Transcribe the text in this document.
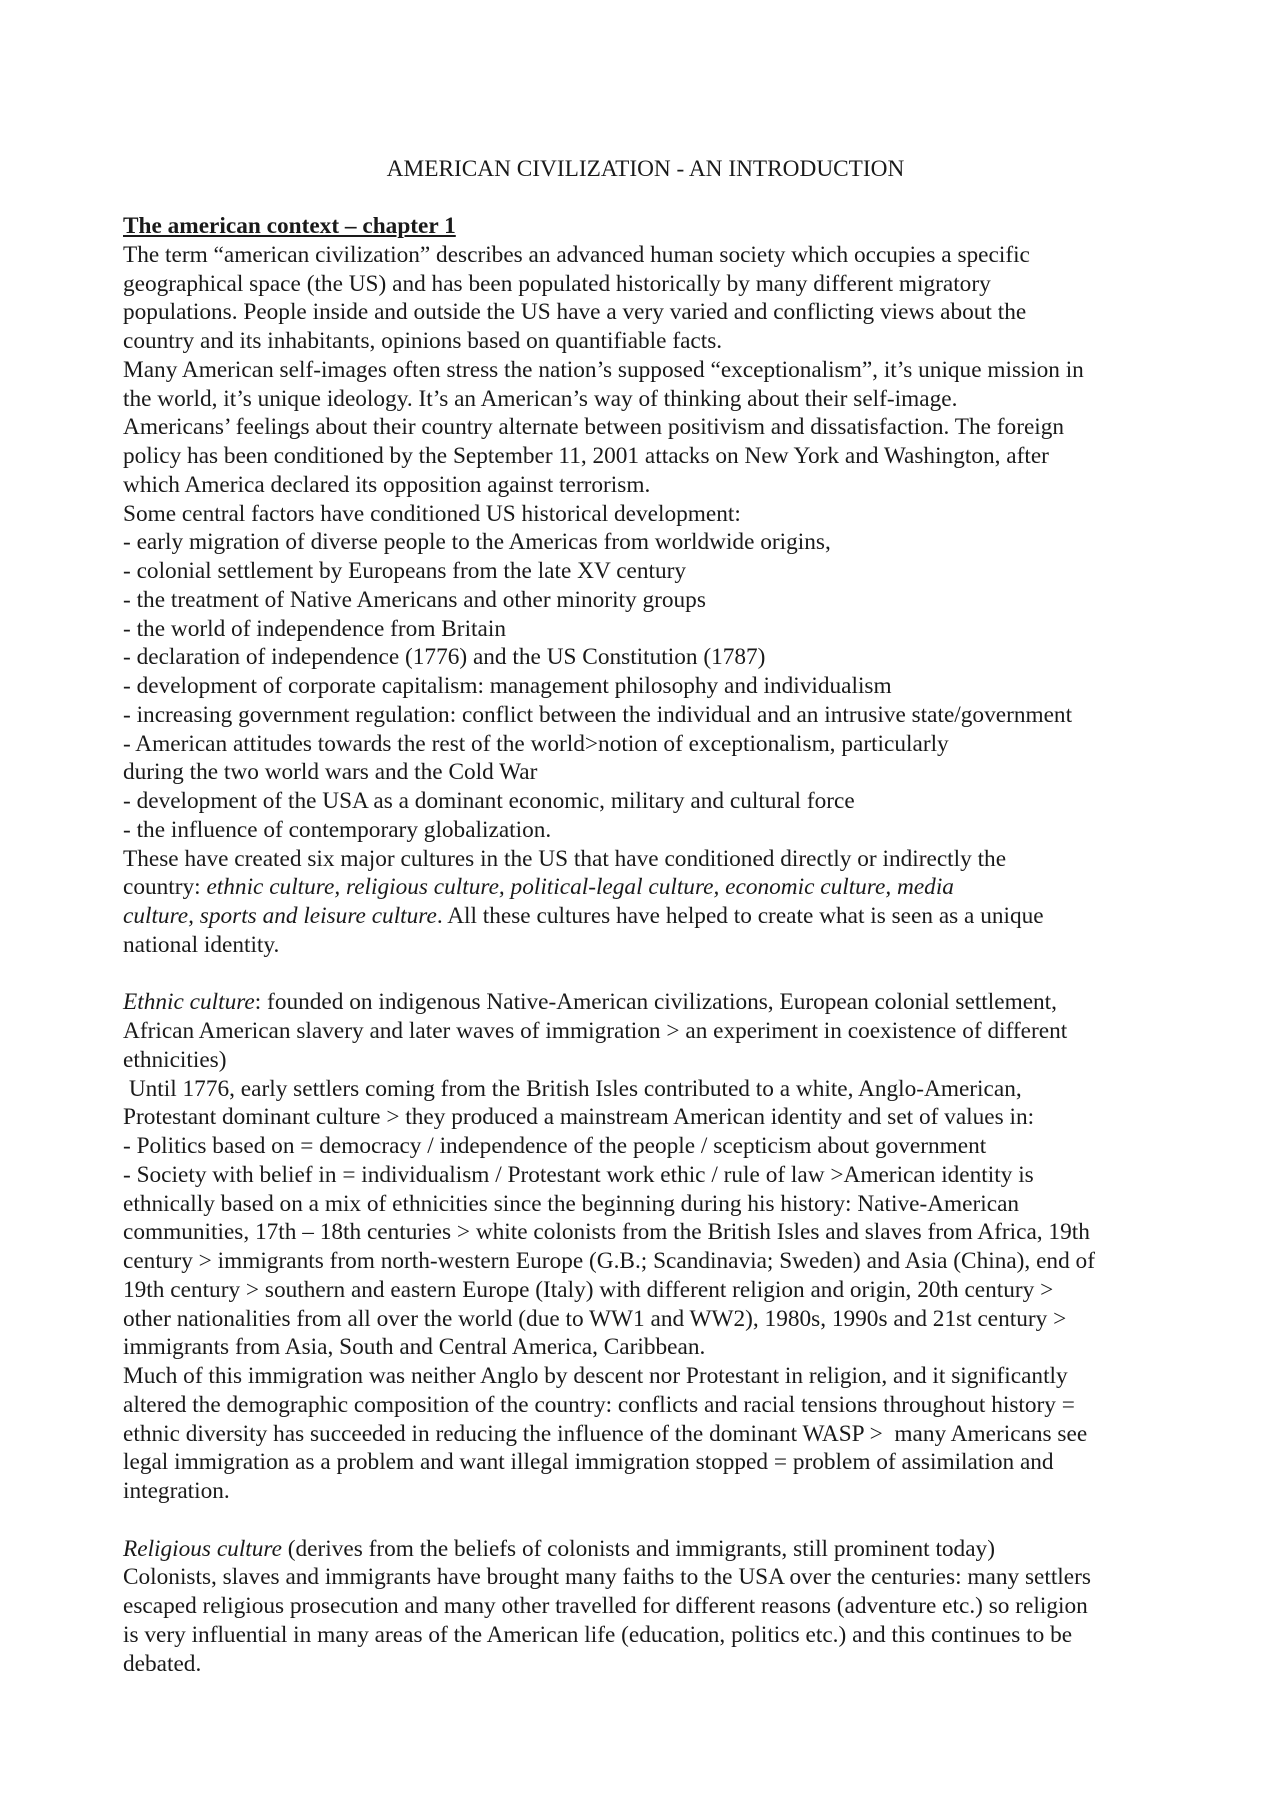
AMERICAN CIVILIZATION - AN INTRODUCTION
The american context – chapter 1
The term “american civilization” describes an advanced human society which occupies a specific
geographical space (the US) and has been populated historically by many different migratory
populations. People inside and outside the US have a very varied and conflicting views about the
country and its inhabitants, opinions based on quantifiable facts.
Many American self-images often stress the nation’s supposed “exceptionalism”, it’s unique mission in
the world, it’s unique ideology. It’s an American’s way of thinking about their self-image.
Americans’ feelings about their country alternate between positivism and dissatisfaction. The foreign
policy has been conditioned by the September 11, 2001 attacks on New York and Washington, after
which America declared its opposition against terrorism.
Some central factors have conditioned US historical development:
- early migration of diverse people to the Americas from worldwide origins,
- colonial settlement by Europeans from the late XV century
- the treatment of Native Americans and other minority groups
- the world of independence from Britain
- declaration of independence (1776) and the US Constitution (1787)
- development of corporate capitalism: management philosophy and individualism
- increasing government regulation: conflict between the individual and an intrusive state/government
- American attitudes towards the rest of the world>notion of exceptionalism, particularly
during the two world wars and the Cold War
- development of the USA as a dominant economic, military and cultural force
- the influence of contemporary globalization.
These have created six major cultures in the US that have conditioned directly or indirectly the
country: ethnic culture, religious culture, political-legal culture, economic culture, media
culture, sports and leisure culture. All these cultures have helped to create what is seen as a unique
national identity.
Ethnic culture: founded on indigenous Native-American civilizations, European colonial settlement,
African American slavery and later waves of immigration > an experiment in coexistence of different
ethnicities)
Until 1776, early settlers coming from the British Isles contributed to a white, Anglo-American,
Protestant dominant culture > they produced a mainstream American identity and set of values in:
- Politics based on = democracy / independence of the people / scepticism about government
- Society with belief in = individualism / Protestant work ethic / rule of law >American identity is
ethnically based on a mix of ethnicities since the beginning during his history: Native-American
communities, 17th – 18th centuries > white colonists from the British Isles and slaves from Africa, 19th
century > immigrants from north-western Europe (G.B.; Scandinavia; Sweden) and Asia (China), end of
19th century > southern and eastern Europe (Italy) with different religion and origin, 20th century >
other nationalities from all over the world (due to WW1 and WW2), 1980s, 1990s and 21st century >
immigrants from Asia, South and Central America, Caribbean.
Much of this immigration was neither Anglo by descent nor Protestant in religion, and it significantly
altered the demographic composition of the country: conflicts and racial tensions throughout history =
ethnic diversity has succeeded in reducing the influence of the dominant WASP >  many Americans see
legal immigration as a problem and want illegal immigration stopped = problem of assimilation and
integration.
Religious culture (derives from the beliefs of colonists and immigrants, still prominent today)
Colonists, slaves and immigrants have brought many faiths to the USA over the centuries: many settlers
escaped religious prosecution and many other travelled for different reasons (adventure etc.) so religion
is very influential in many areas of the American life (education, politics etc.) and this continues to be
debated.
